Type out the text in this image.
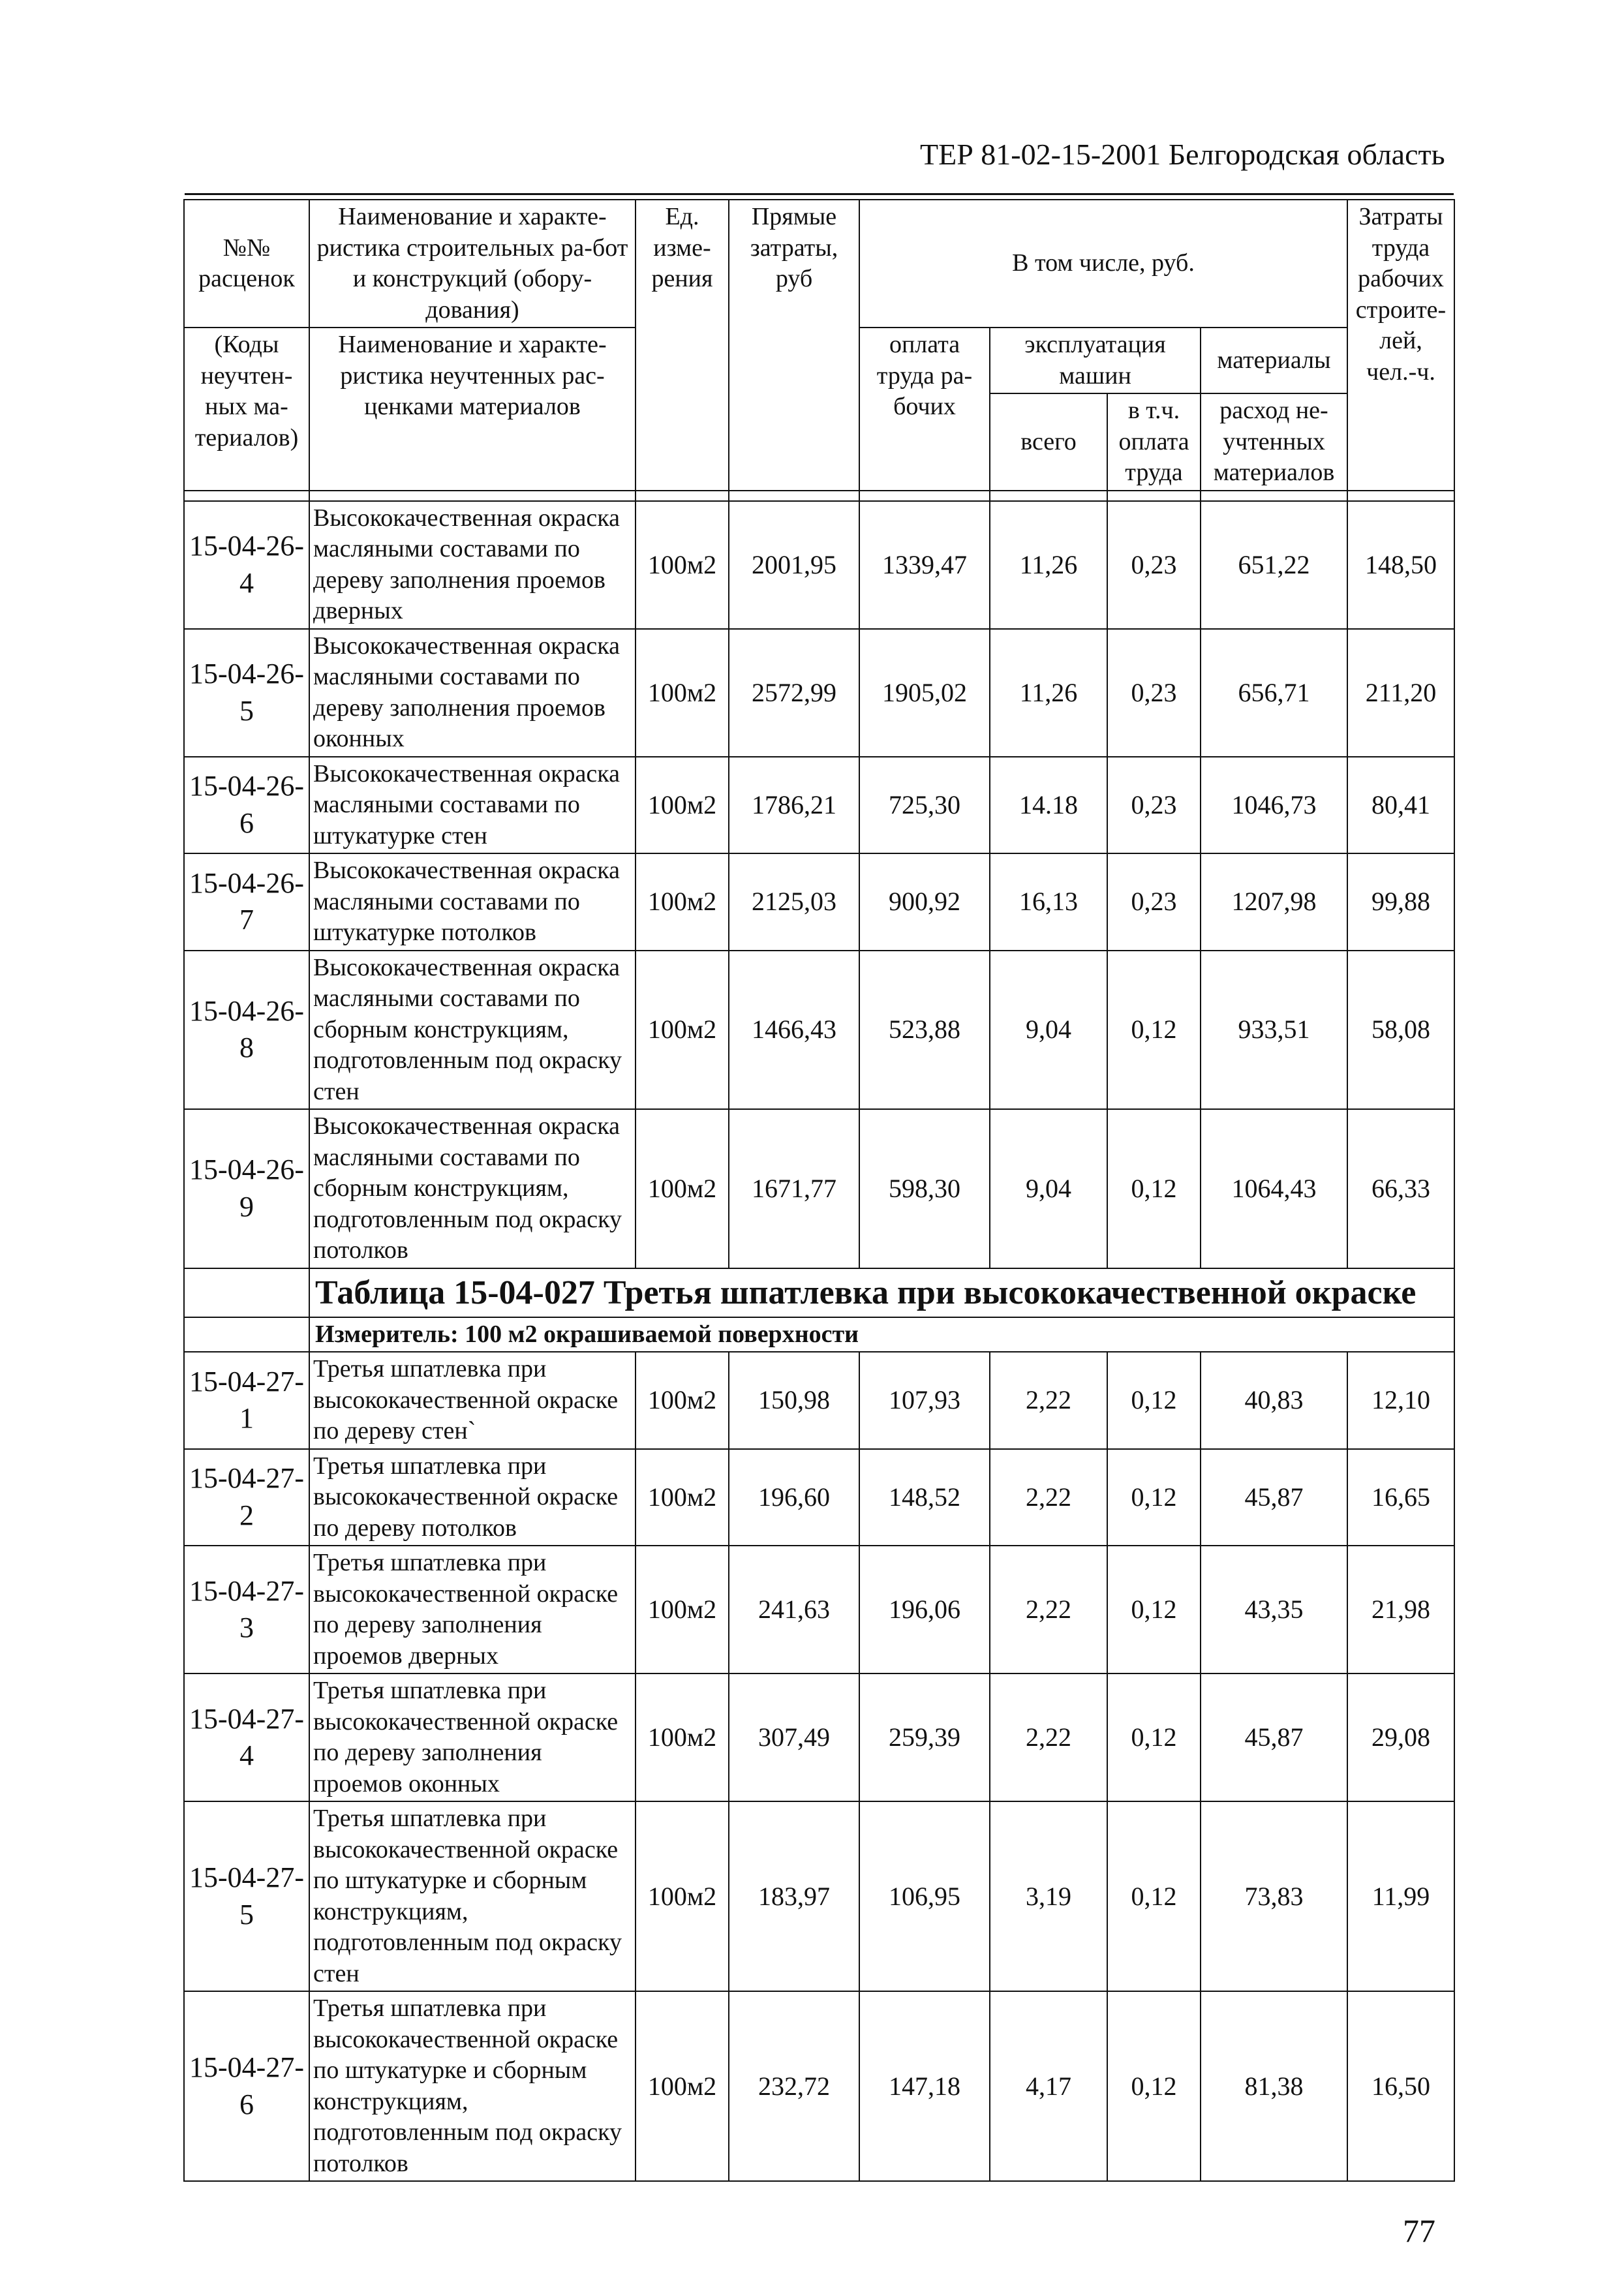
ТЕР 81-02-15-2001 Белгородская область
№№ расценок	Наименование и характе-ристика строительных ра-бот и конструкций (обору-дования)	Ед. изме-рения	Прямые затраты, руб	В том числе, руб.				Затраты труда рабочих строите-лей, чел.-ч.
(Коды неучтен-ных ма-териалов)	Наименование и характе-ристика неучтенных рас-ценками материалов			оплата труда ра-бочих	эксплуатация машин		материалы	
					всего	в т.ч. оплата труда	расход не-учтенных материалов	

15-04-26-4	Высококачественная окраска масляными составами по дереву заполнения проемов дверных	100м2	2001,95	1339,47	11,26	0,23	651,22	148,50
15-04-26-5	Высококачественная окраска масляными составами по дереву заполнения проемов оконных	100м2	2572,99	1905,02	11,26	0,23	656,71	211,20
15-04-26-6	Высококачественная окраска масляными составами по штукатурке стен	100м2	1786,21	725,30	14.18	0,23	1046,73	80,41
15-04-26-7	Высококачественная окраска масляными составами по штукатурке потолков	100м2	2125,03	900,92	16,13	0,23	1207,98	99,88
15-04-26-8	Высококачественная окраска масляными составами по сборным конструкциям, подготовленным под окраску стен	100м2	1466,43	523,88	9,04	0,12	933,51	58,08
15-04-26-9	Высококачественная окраска масляными составами по сборным конструкциям, подготовленным под окраску потолков	100м2	1671,77	598,30	9,04	0,12	1064,43	66,33
	Таблица 15-04-027 Третья шпатлевка при высококачественной окраске							
	Измеритель: 100 м2 окрашиваемой поверхности							
15-04-27-1	Третья шпатлевка при высококачественной окраске по дереву стен`	100м2	150,98	107,93	2,22	0,12	40,83	12,10
15-04-27-2	Третья шпатлевка при высококачественной окраске по дереву потолков	100м2	196,60	148,52	2,22	0,12	45,87	16,65
15-04-27-3	Третья шпатлевка при высококачественной окраске по дереву заполнения проемов дверных	100м2	241,63	196,06	2,22	0,12	43,35	21,98
15-04-27-4	Третья шпатлевка при высококачественной окраске по дереву заполнения проемов оконных	100м2	307,49	259,39	2,22	0,12	45,87	29,08
15-04-27-5	Третья шпатлевка при высококачественной окраске по штукатурке и сборным конструкциям, подготовленным под окраску стен	100м2	183,97	106,95	3,19	0,12	73,83	11,99
15-04-27-6	Третья шпатлевка при высококачественной окраске по штукатурке и сборным конструкциям, подготовленным под окраску потолков	100м2	232,72	147,18	4,17	0,12	81,38	16,50
77
